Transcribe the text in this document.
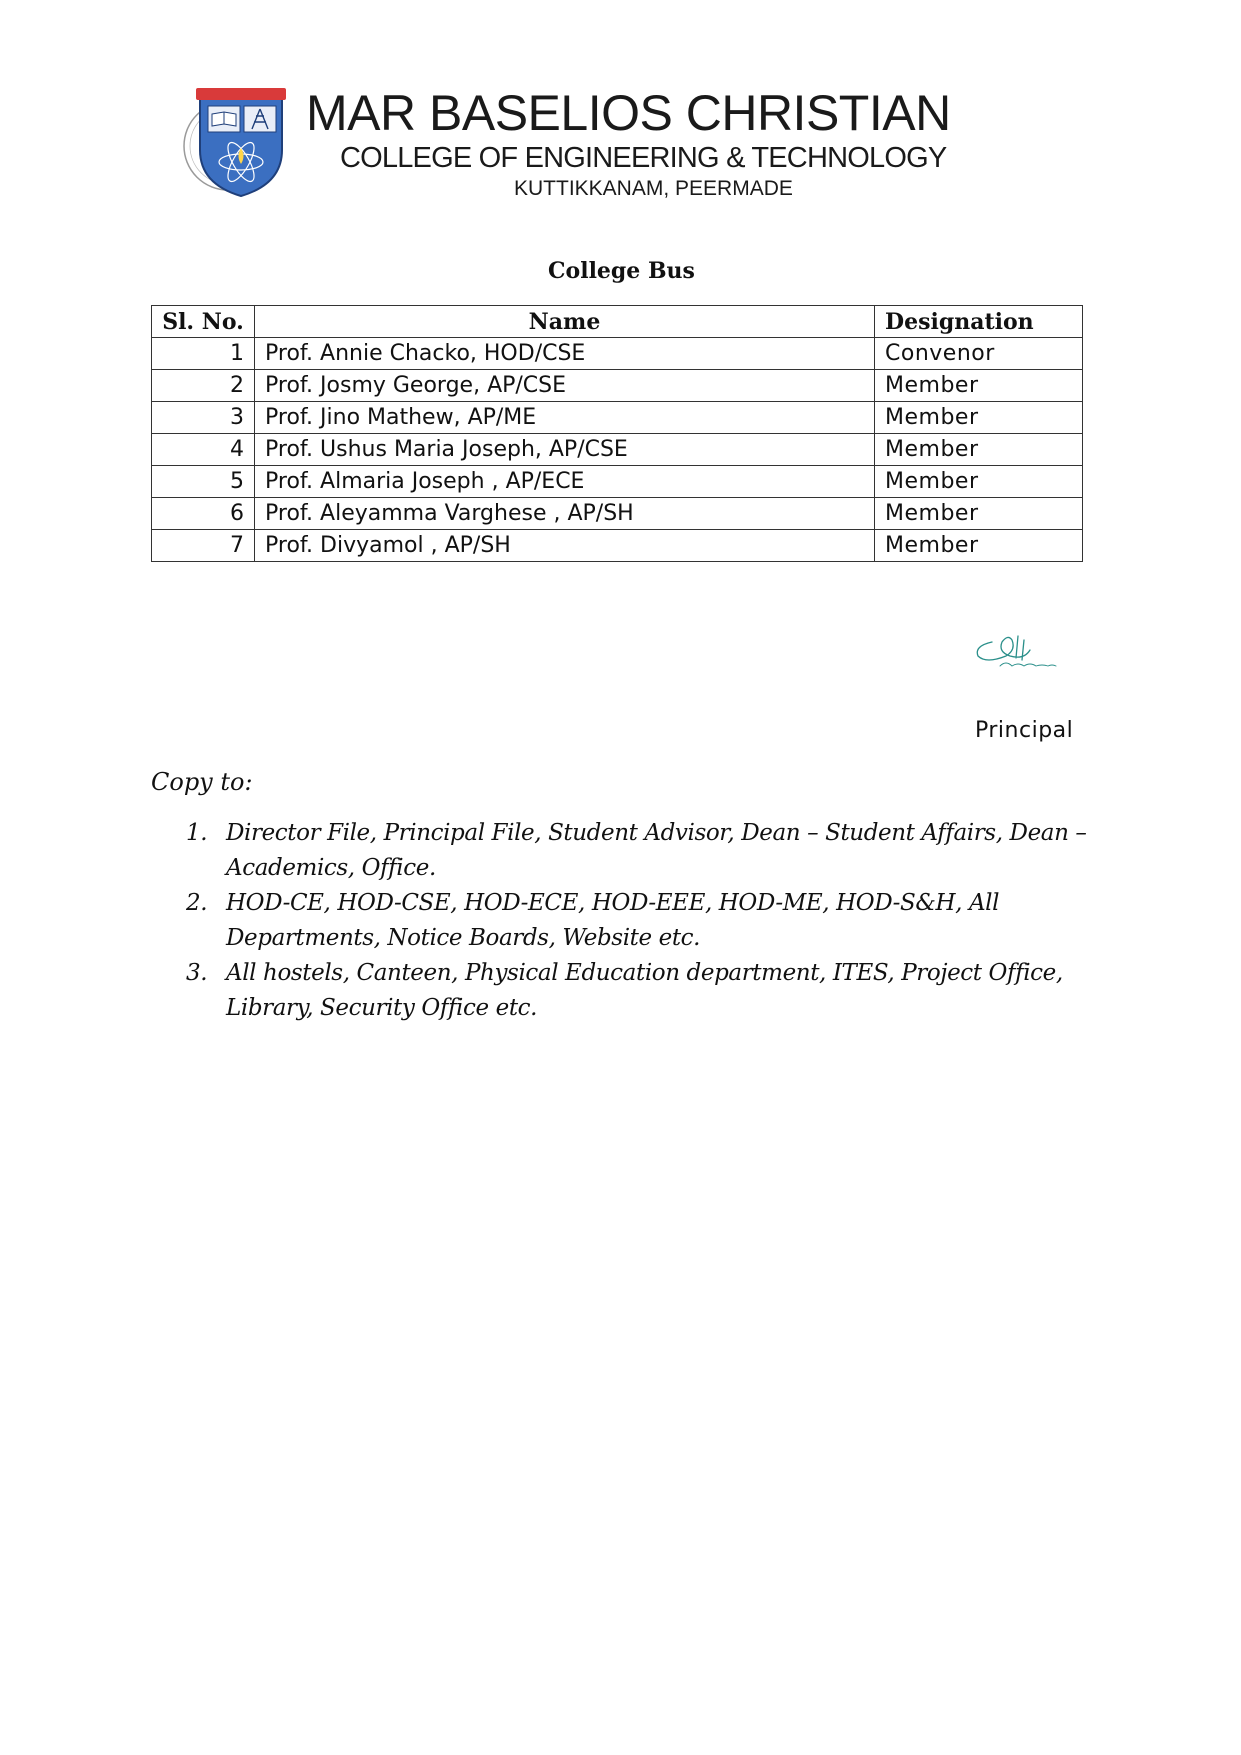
MAR BASELIOS CHRISTIAN
COLLEGE OF ENGINEERING & TECHNOLOGY
KUTTIKKANAM, PEERMADE
College Bus
Sl. No.	Name	Designation
1	Prof. Annie Chacko, HOD/CSE	Convenor
2	Prof. Josmy George, AP/CSE	Member
3	Prof. Jino Mathew, AP/ME	Member
4	Prof. Ushus Maria Joseph, AP/CSE	Member
5	Prof. Almaria Joseph , AP/ECE	Member
6	Prof. Aleyamma Varghese , AP/SH	Member
7	Prof. Divyamol , AP/SH	Member
Principal
Copy to:
1. Director File, Principal File, Student Advisor, Dean – Student Affairs, Dean – Academics, Office.
2. HOD-CE, HOD-CSE, HOD-ECE, HOD-EEE, HOD-ME, HOD-S&H, All Departments, Notice Boards, Website etc.
3. All hostels, Canteen, Physical Education department, ITES, Project Office, Library, Security Office etc.
